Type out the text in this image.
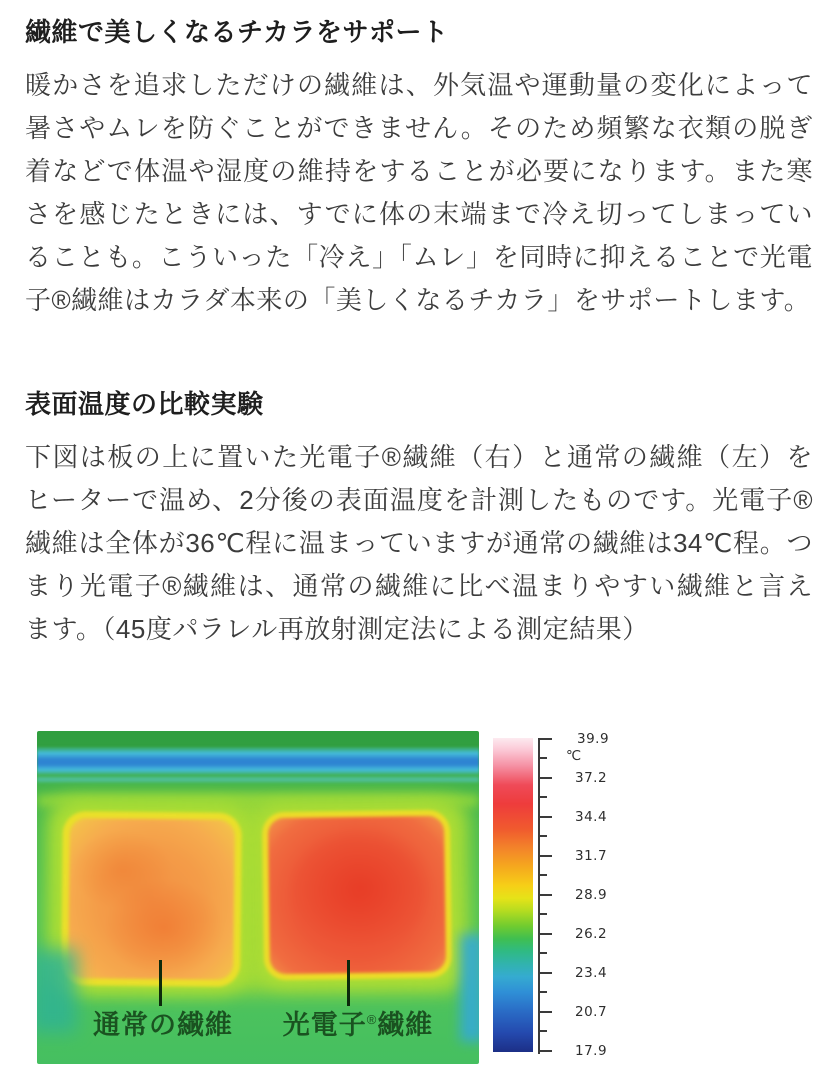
繊維で美しくなるチカラをサポート

暖かさを追求しただけの繊維は、外気温や運動量の変化によって暑さやムレを防ぐことができません。そのため頻繁な衣類の脱ぎ着などで体温や湿度の維持をすることが必要になります。また寒さを感じたときには、すでに体の末端まで冷え切ってしまっていることも。こういった「冷え」「ムレ」を同時に抑えることで光電子®繊維はカラダ本来の「美しくなるチカラ」をサポートします。

表面温度の比較実験

下図は板の上に置いた光電子®繊維（右）と通常の繊維（左）をヒーターで温め、2分後の表面温度を計測したものです。光電子®繊維は全体が36℃程に温まっていますが通常の繊維は34℃程。つまり光電子®繊維は、通常の繊維に比べ温まりやすい繊維と言えます。（45度パラレル再放射測定法による測定結果）

通常の繊維	光電子®繊維
39.9
℃
37.2
34.4
31.7
28.9
26.2
23.4
20.7
17.9
